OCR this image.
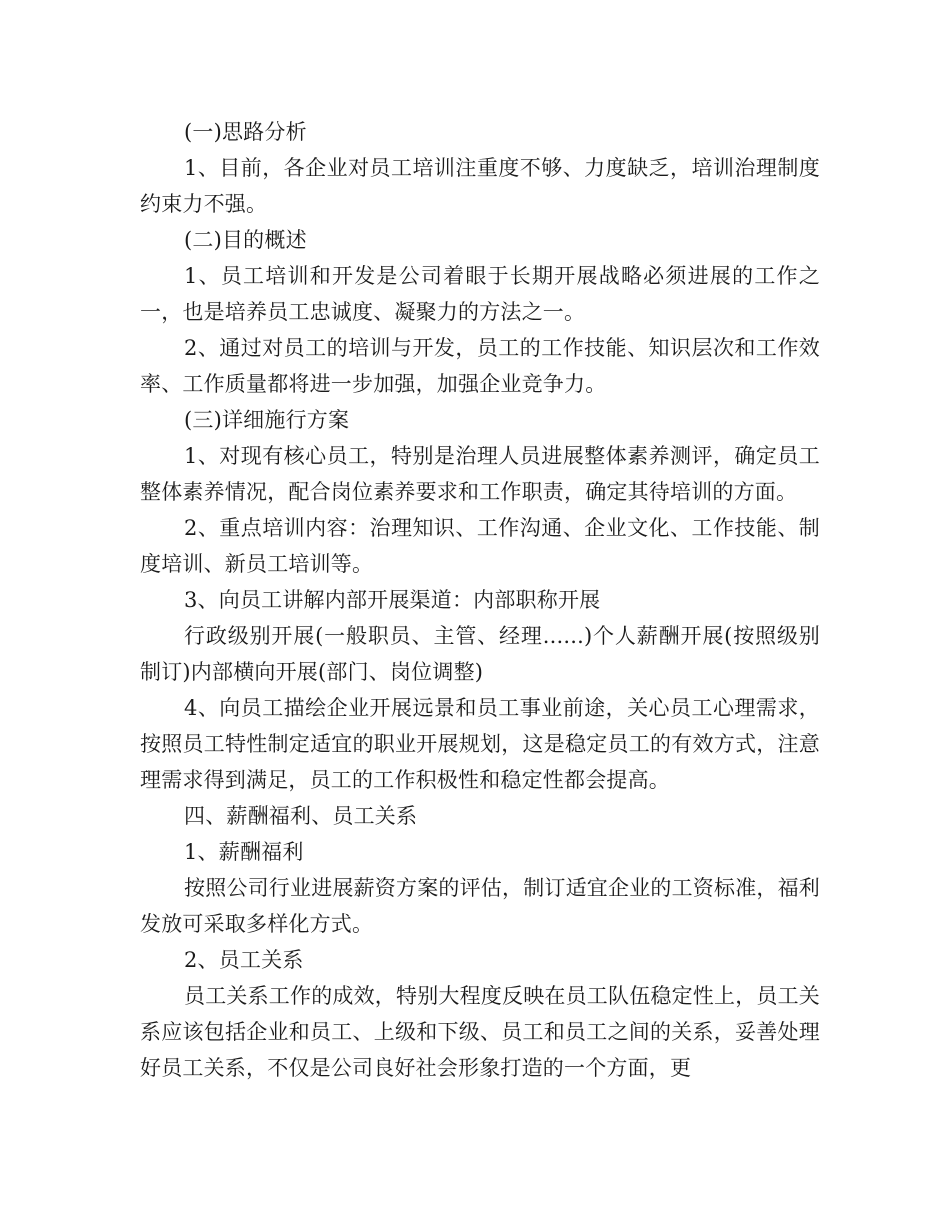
(一)思路分析

1、目前，各企业对员工培训注重度不够、力度缺乏，培训治理制度约束力不强。

(二)目的概述

1、员工培训和开发是公司着眼于长期开展战略必须进展的工作之一，也是培养员工忠诚度、凝聚力的方法之一。

2、通过对员工的培训与开发，员工的工作技能、知识层次和工作效率、工作质量都将进一步加强，加强企业竞争力。

(三)详细施行方案

1、对现有核心员工，特别是治理人员进展整体素养测评，确定员工整体素养情况，配合岗位素养要求和工作职责，确定其待培训的方面。

2、重点培训内容：治理知识、工作沟通、企业文化、工作技能、制度培训、新员工培训等。

3、向员工讲解内部开展渠道：内部职称开展

行政级别开展(一般职员、主管、经理......)个人薪酬开展(按照级别制订)内部横向开展(部门、岗位调整)

4、向员工描绘企业开展远景和员工事业前途，关心员工心理需求，按照员工特性制定适宜的职业开展规划，这是稳定员工的有效方式，注意理需求得到满足，员工的工作积极性和稳定性都会提高。

四、薪酬福利、员工关系

1、薪酬福利

按照公司行业进展薪资方案的评估，制订适宜企业的工资标准，福利发放可采取多样化方式。

2、员工关系

员工关系工作的成效，特别大程度反映在员工队伍稳定性上，员工关系应该包括企业和员工、上级和下级、员工和员工之间的关系，妥善处理好员工关系，不仅是公司良好社会形象打造的一个方面，更
